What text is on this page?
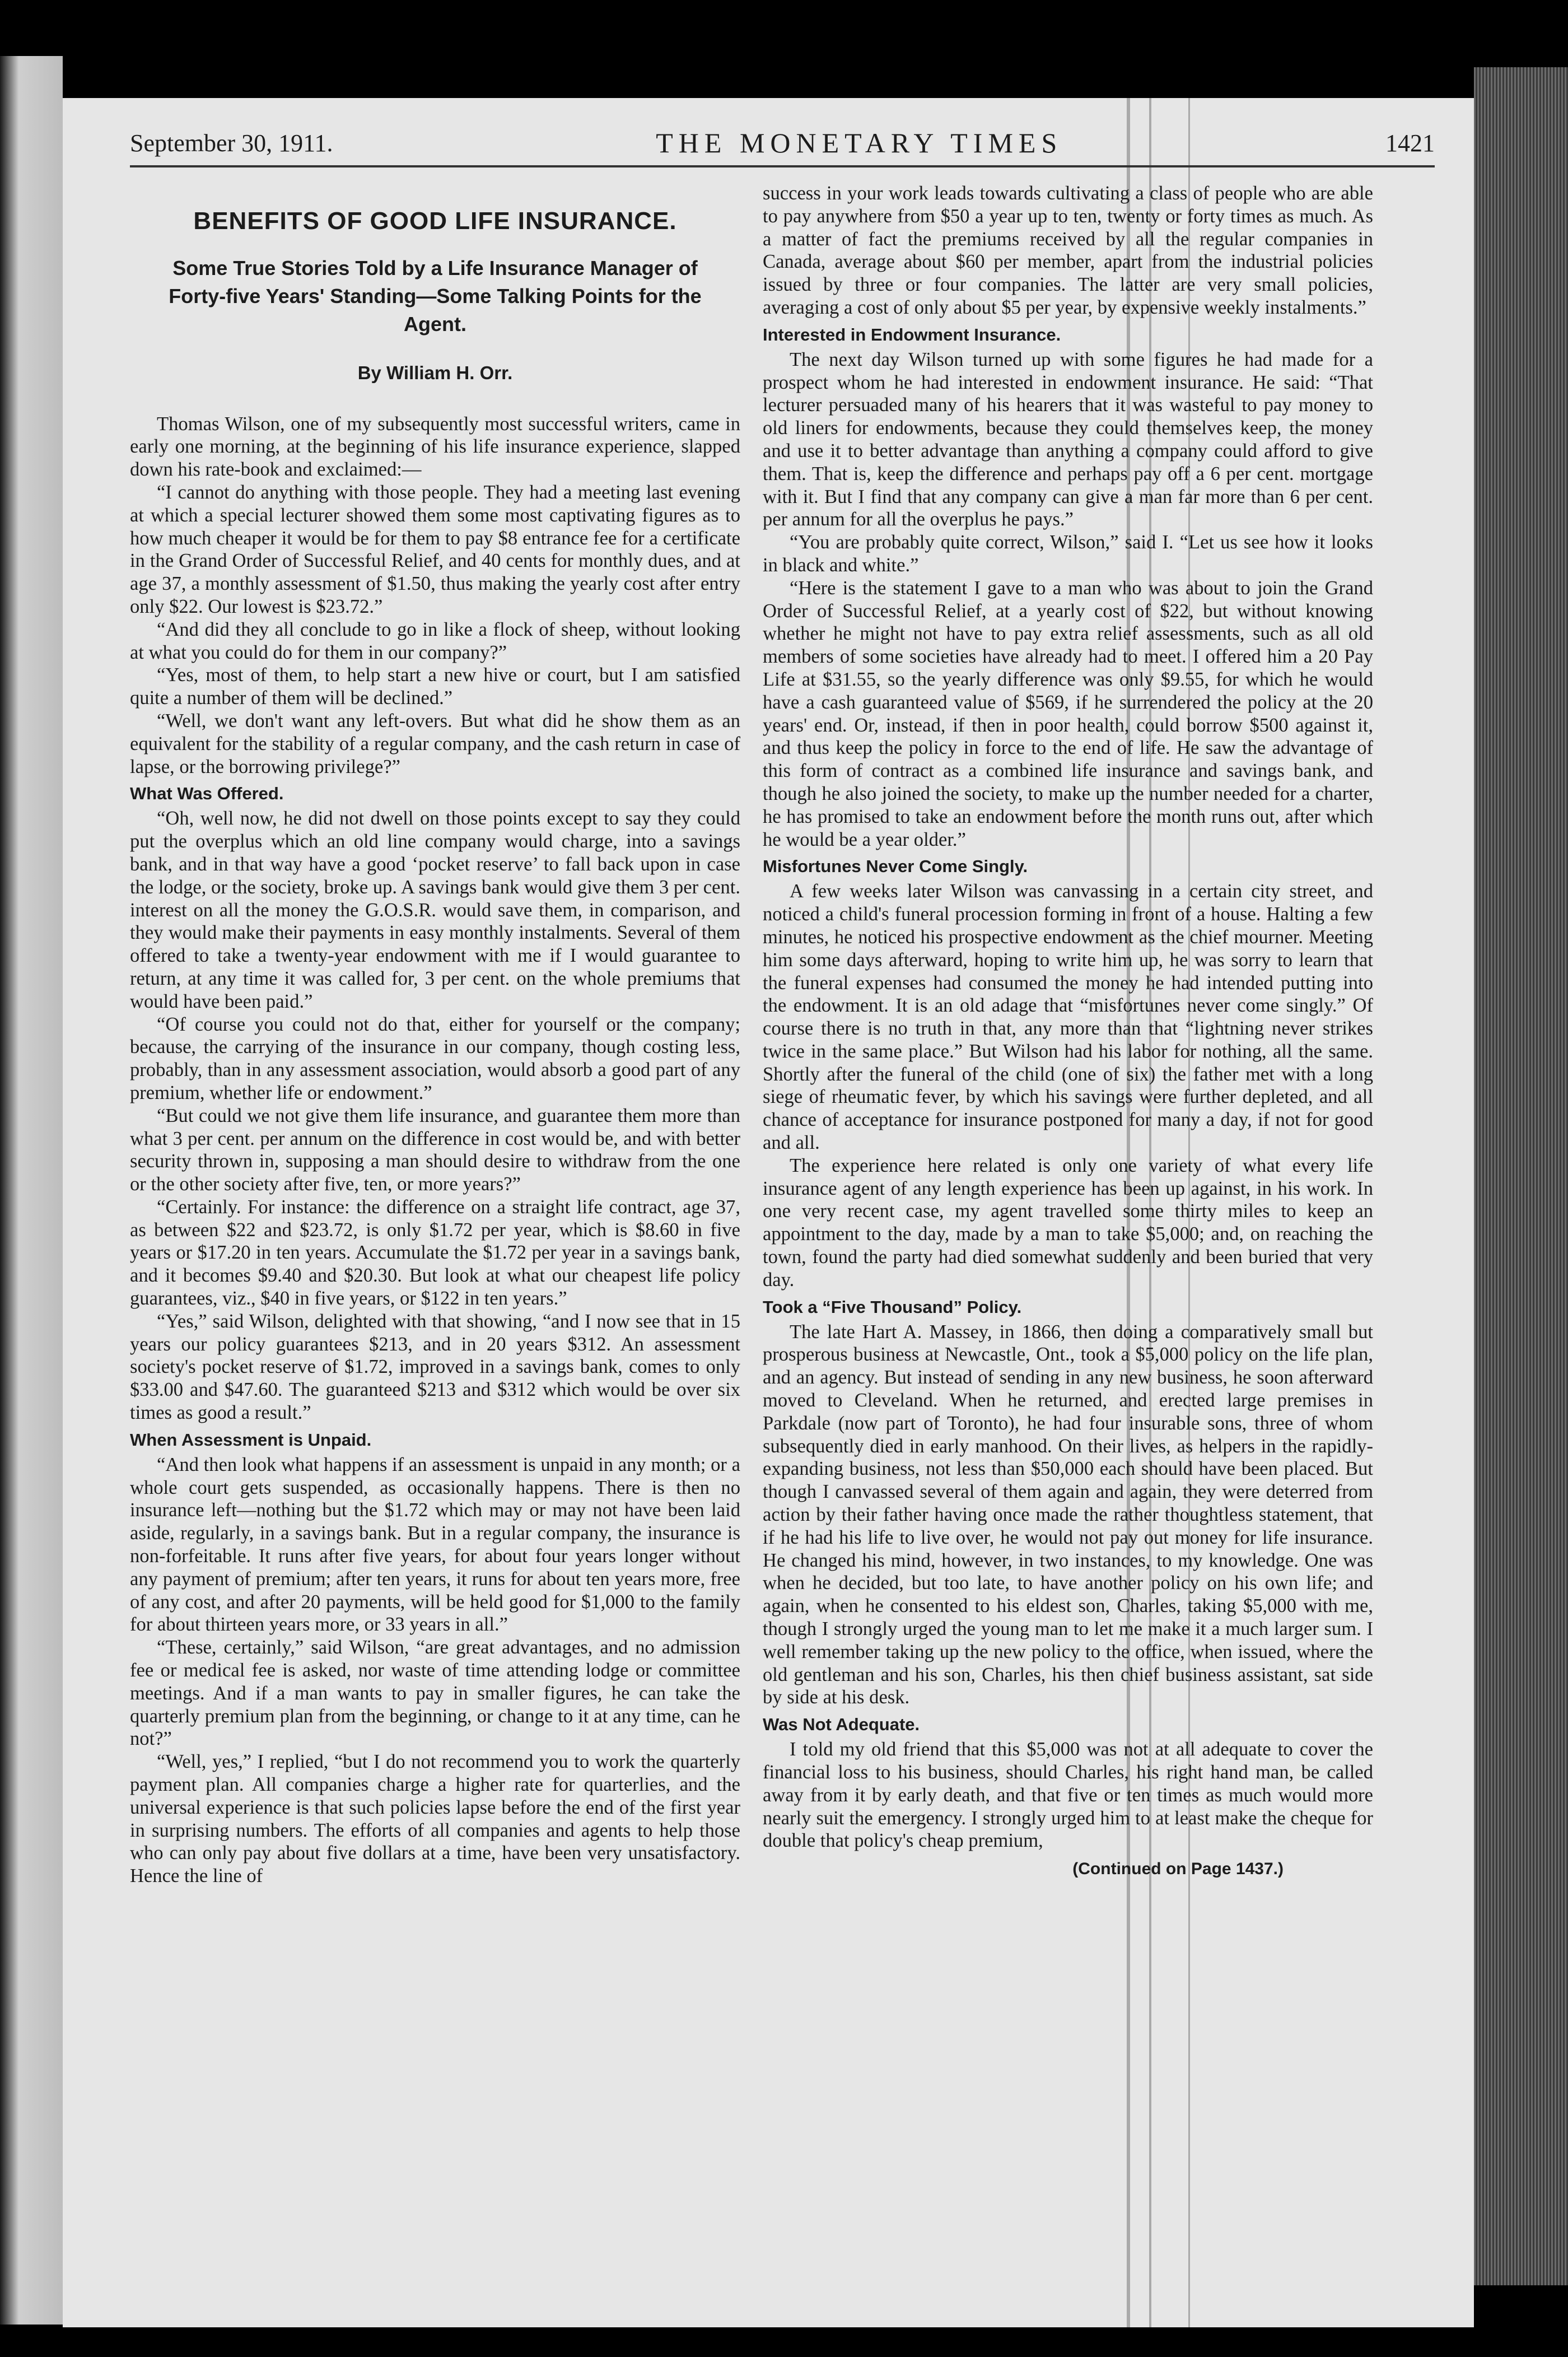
September 30, 1911.	THE MONETARY TIMES	1421
BENEFITS OF GOOD LIFE INSURANCE.
Some True Stories Told by a Life Insurance Manager of Forty-five Years' Standing—Some Talking Points for the Agent.
By William H. Orr.

Thomas Wilson, one of my subsequently most successful writers, came in early one morning, at the beginning of his life insurance experience, slapped down his rate-book and exclaimed:—

“I cannot do anything with those people. They had a meeting last evening at which a special lecturer showed them some most captivating figures as to how much cheaper it would be for them to pay $8 entrance fee for a certificate in the Grand Order of Successful Relief, and 40 cents for monthly dues, and at age 37, a monthly assessment of $1.50, thus making the yearly cost after entry only $22. Our lowest is $23.72.”

“And did they all conclude to go in like a flock of sheep, without looking at what you could do for them in our company?”

“Yes, most of them, to help start a new hive or court, but I am satisfied quite a number of them will be declined.”

“Well, we don't want any left-overs. But what did he show them as an equivalent for the stability of a regular company, and the cash return in case of lapse, or the borrowing privilege?”

What Was Offered.

“Oh, well now, he did not dwell on those points except to say they could put the overplus which an old line company would charge, into a savings bank, and in that way have a good ‘pocket reserve’ to fall back upon in case the lodge, or the society, broke up. A savings bank would give them 3 per cent. interest on all the money the G.O.S.R. would save them, in comparison, and they would make their payments in easy monthly instalments. Several of them offered to take a twenty-year endowment with me if I would guarantee to return, at any time it was called for, 3 per cent. on the whole premiums that would have been paid.”

“Of course you could not do that, either for yourself or the company; because, the carrying of the insurance in our company, though costing less, probably, than in any assessment association, would absorb a good part of any premium, whether life or endowment.”

“But could we not give them life insurance, and guarantee them more than what 3 per cent. per annum on the difference in cost would be, and with better security thrown in, supposing a man should desire to withdraw from the one or the other society after five, ten, or more years?”

“Certainly. For instance: the difference on a straight life contract, age 37, as between $22 and $23.72, is only $1.72 per year, which is $8.60 in five years or $17.20 in ten years. Accumulate the $1.72 per year in a savings bank, and it becomes $9.40 and $20.30. But look at what our cheapest life policy guarantees, viz., $40 in five years, or $122 in ten years.”

“Yes,” said Wilson, delighted with that showing, “and I now see that in 15 years our policy guarantees $213, and in 20 years $312. An assessment society's pocket reserve of $1.72, improved in a savings bank, comes to only $33.00 and $47.60. The guaranteed $213 and $312 which would be over six times as good a result.”

When Assessment is Unpaid.

“And then look what happens if an assessment is unpaid in any month; or a whole court gets suspended, as occasionally happens. There is then no insurance left—nothing but the $1.72 which may or may not have been laid aside, regularly, in a savings bank. But in a regular company, the insurance is non-forfeitable. It runs after five years, for about four years longer without any payment of premium; after ten years, it runs for about ten years more, free of any cost, and after 20 payments, will be held good for $1,000 to the family for about thirteen years more, or 33 years in all.”

“These, certainly,” said Wilson, “are great advantages, and no admission fee or medical fee is asked, nor waste of time attending lodge or committee meetings. And if a man wants to pay in smaller figures, he can take the quarterly premium plan from the beginning, or change to it at any time, can he not?”

“Well, yes,” I replied, “but I do not recommend you to work the quarterly payment plan. All companies charge a higher rate for quarterlies, and the universal experience is that such policies lapse before the end of the first year in surprising numbers. The efforts of all companies and agents to help those who can only pay about five dollars at a time, have been very unsatisfactory. Hence the line of

success in your work leads towards cultivating a class of people who are able to pay anywhere from $50 a year up to ten, twenty or forty times as much. As a matter of fact the premiums received by all the regular companies in Canada, average about $60 per member, apart from the industrial policies issued by three or four companies. The latter are very small policies, averaging a cost of only about $5 per year, by expensive weekly instalments.”

Interested in Endowment Insurance.

The next day Wilson turned up with some figures he had made for a prospect whom he had interested in endowment insurance. He said: “That lecturer persuaded many of his hearers that it was wasteful to pay money to old liners for endowments, because they could themselves keep, the money and use it to better advantage than anything a company could afford to give them. That is, keep the difference and perhaps pay off a 6 per cent. mortgage with it. But I find that any company can give a man far more than 6 per cent. per annum for all the overplus he pays.”

“You are probably quite correct, Wilson,” said I. “Let us see how it looks in black and white.”

“Here is the statement I gave to a man who was about to join the Grand Order of Successful Relief, at a yearly cost of $22, but without knowing whether he might not have to pay extra relief assessments, such as all old members of some societies have already had to meet. I offered him a 20 Pay Life at $31.55, so the yearly difference was only $9.55, for which he would have a cash guaranteed value of $569, if he surrendered the policy at the 20 years' end. Or, instead, if then in poor health, could borrow $500 against it, and thus keep the policy in force to the end of life. He saw the advantage of this form of contract as a combined life insurance and savings bank, and though he also joined the society, to make up the number needed for a charter, he has promised to take an endowment before the month runs out, after which he would be a year older.”

Misfortunes Never Come Singly.

A few weeks later Wilson was canvassing in a certain city street, and noticed a child's funeral procession forming in front of a house. Halting a few minutes, he noticed his prospective endowment as the chief mourner. Meeting him some days afterward, hoping to write him up, he was sorry to learn that the funeral expenses had consumed the money he had intended putting into the endowment. It is an old adage that “misfortunes never come singly.” Of course there is no truth in that, any more than that “lightning never strikes twice in the same place.” But Wilson had his labor for nothing, all the same. Shortly after the funeral of the child (one of six) the father met with a long siege of rheumatic fever, by which his savings were further depleted, and all chance of acceptance for insurance postponed for many a day, if not for good and all.

The experience here related is only one variety of what every life insurance agent of any length experience has been up against, in his work. In one very recent case, my agent travelled some thirty miles to keep an appointment to the day, made by a man to take $5,000; and, on reaching the town, found the party had died somewhat suddenly and been buried that very day.

Took a “Five Thousand” Policy.

The late Hart A. Massey, in 1866, then doing a comparatively small but prosperous business at Newcastle, Ont., took a $5,000 policy on the life plan, and an agency. But instead of sending in any new business, he soon afterward moved to Cleveland. When he returned, and erected large premises in Parkdale (now part of Toronto), he had four insurable sons, three of whom subsequently died in early manhood. On their lives, as helpers in the rapidly-expanding business, not less than $50,000 each should have been placed. But though I canvassed several of them again and again, they were deterred from action by their father having once made the rather thoughtless statement, that if he had his life to live over, he would not pay out money for life insurance. He changed his mind, however, in two instances, to my knowledge. One was when he decided, but too late, to have another policy on his own life; and again, when he consented to his eldest son, Charles, taking $5,000 with me, though I strongly urged the young man to let me make it a much larger sum. I well remember taking up the new policy to the office, when issued, where the old gentleman and his son, Charles, his then chief business assistant, sat side by side at his desk.

Was Not Adequate.

I told my old friend that this $5,000 was not at all adequate to cover the financial loss to his business, should Charles, his right hand man, be called away from it by early death, and that five or ten times as much would more nearly suit the emergency. I strongly urged him to at least make the cheque for double that policy's cheap premium,

(Continued on Page 1437.)
